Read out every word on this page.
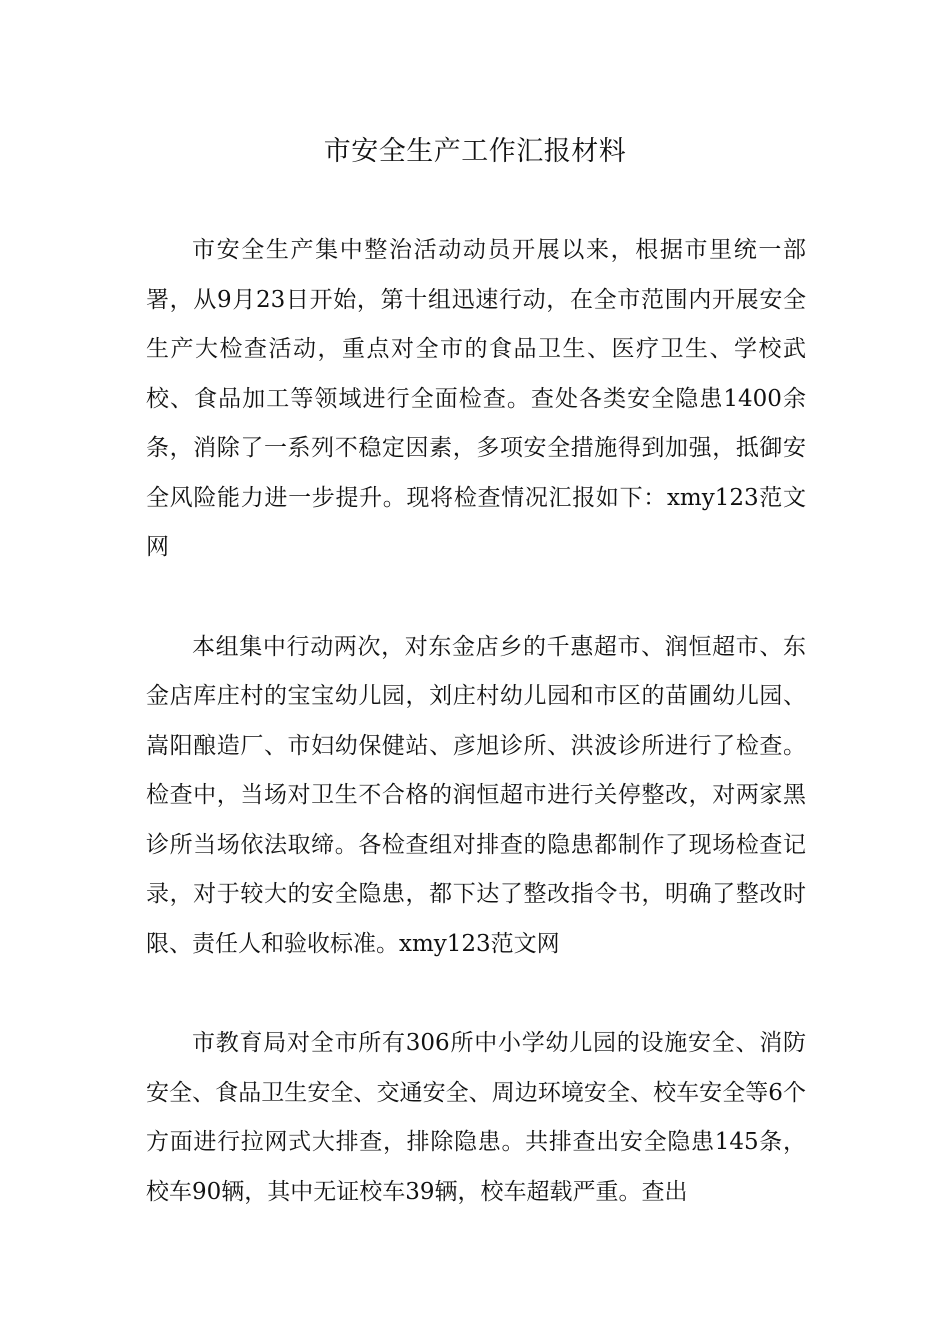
市安全生产工作汇报材料

市安全生产集中整治活动动员开展以来，根据市里统一部署，从9月23日开始，第十组迅速行动，在全市范围内开展安全生产大检查活动，重点对全市的食品卫生、医疗卫生、学校武校、食品加工等领域进行全面检查。查处各类安全隐患1400余条，消除了一系列不稳定因素，多项安全措施得到加强，抵御安全风险能力进一步提升。现将检查情况汇报如下：xmy123范文网

本组集中行动两次，对东金店乡的千惠超市、润恒超市、东金店库庄村的宝宝幼儿园，刘庄村幼儿园和市区的苗圃幼儿园、嵩阳酿造厂、市妇幼保健站、彦旭诊所、洪波诊所进行了检查。检查中，当场对卫生不合格的润恒超市进行关停整改，对两家黑诊所当场依法取缔。各检查组对排查的隐患都制作了现场检查记录，对于较大的安全隐患，都下达了整改指令书，明确了整改时限、责任人和验收标准。xmy123范文网

市教育局对全市所有306所中小学幼儿园的设施安全、消防安全、食品卫生安全、交通安全、周边环境安全、校车安全等6个方面进行拉网式大排查，排除隐患。共排查出安全隐患145条，校车90辆，其中无证校车39辆，校车超载严重。查出
